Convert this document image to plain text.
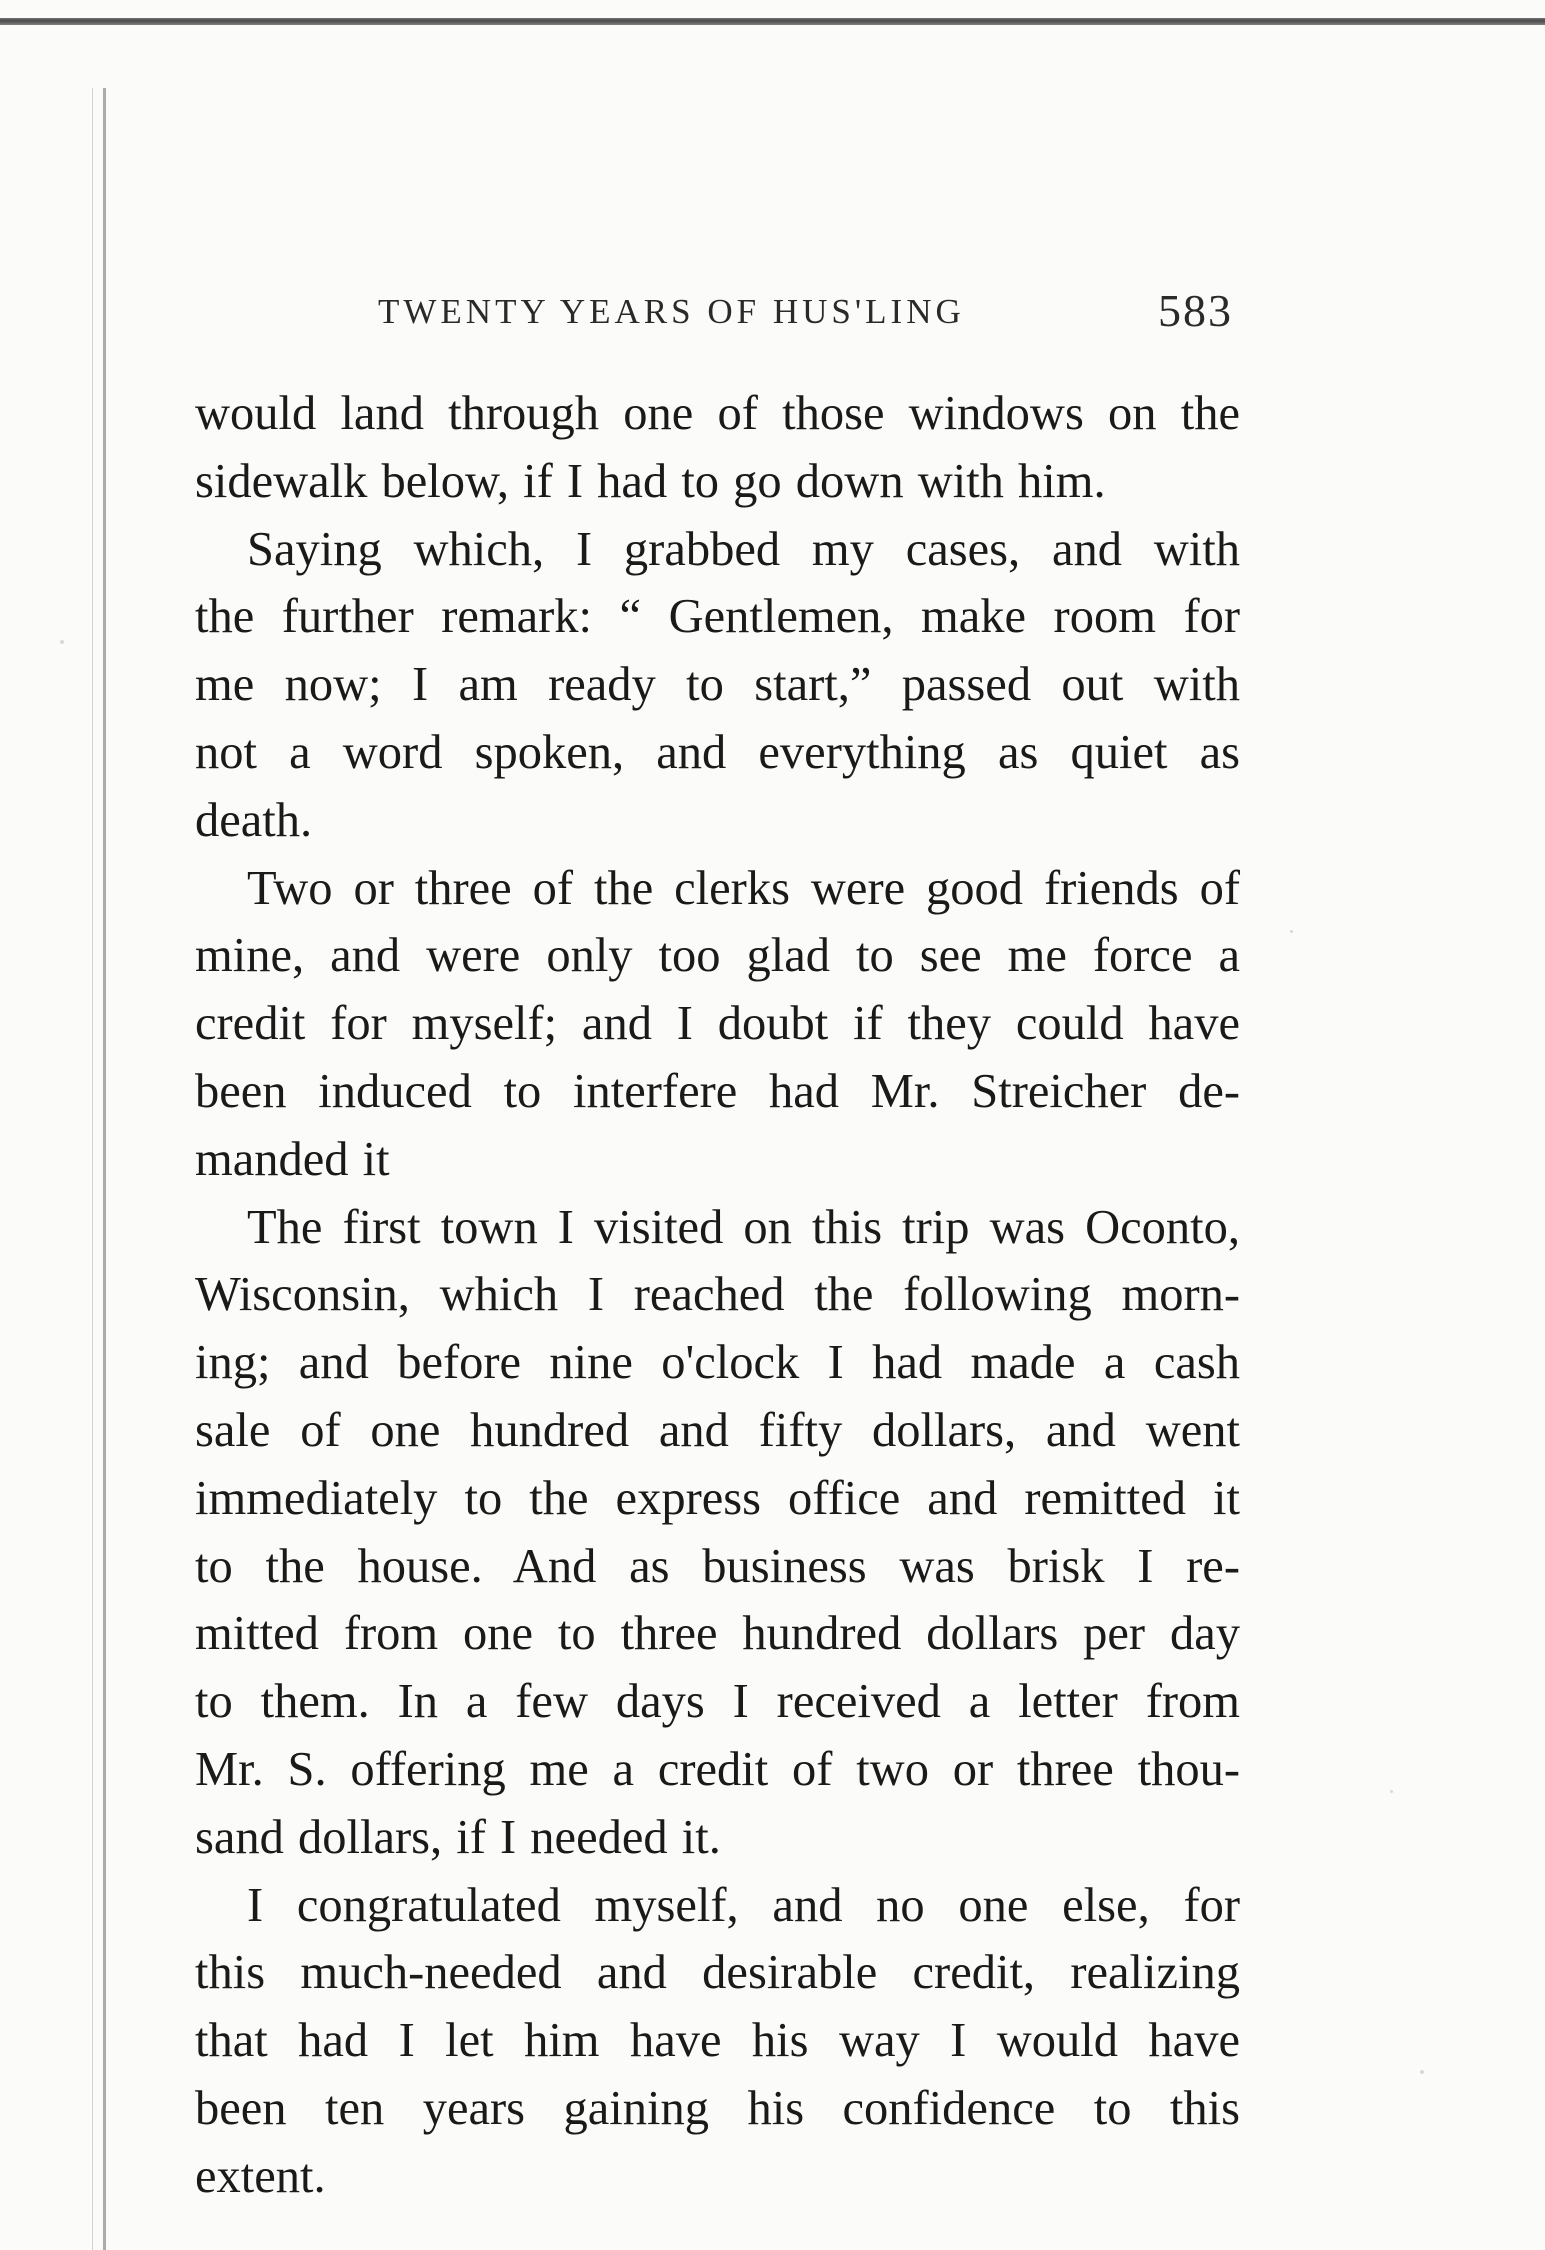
TWENTY YEARS OF HUS'LING	583

would land through one of those windows on the

sidewalk below, if I had to go down with him.

Saying which, I grabbed my cases, and with

the further remark: “ Gentlemen, make room for

me now; I am ready to start,” passed out with

not a word spoken, and everything as quiet as

death.

Two or three of the clerks were good friends of

mine, and were only too glad to see me force a

credit for myself; and I doubt if they could have

been induced to interfere had Mr. Streicher de-

manded it

The first town I visited on this trip was Oconto,

Wisconsin, which I reached the following morn-

ing; and before nine o'clock I had made a cash

sale of one hundred and fifty dollars, and went

immediately to the express office and remitted it

to the house. And as business was brisk I re-

mitted from one to three hundred dollars per day

to them. In a few days I received a letter from

Mr. S. offering me a credit of two or three thou-

sand dollars, if I needed it.

I congratulated myself, and no one else, for

this much-needed and desirable credit, realizing

that had I let him have his way I would have

been ten years gaining his confidence to this

extent.
